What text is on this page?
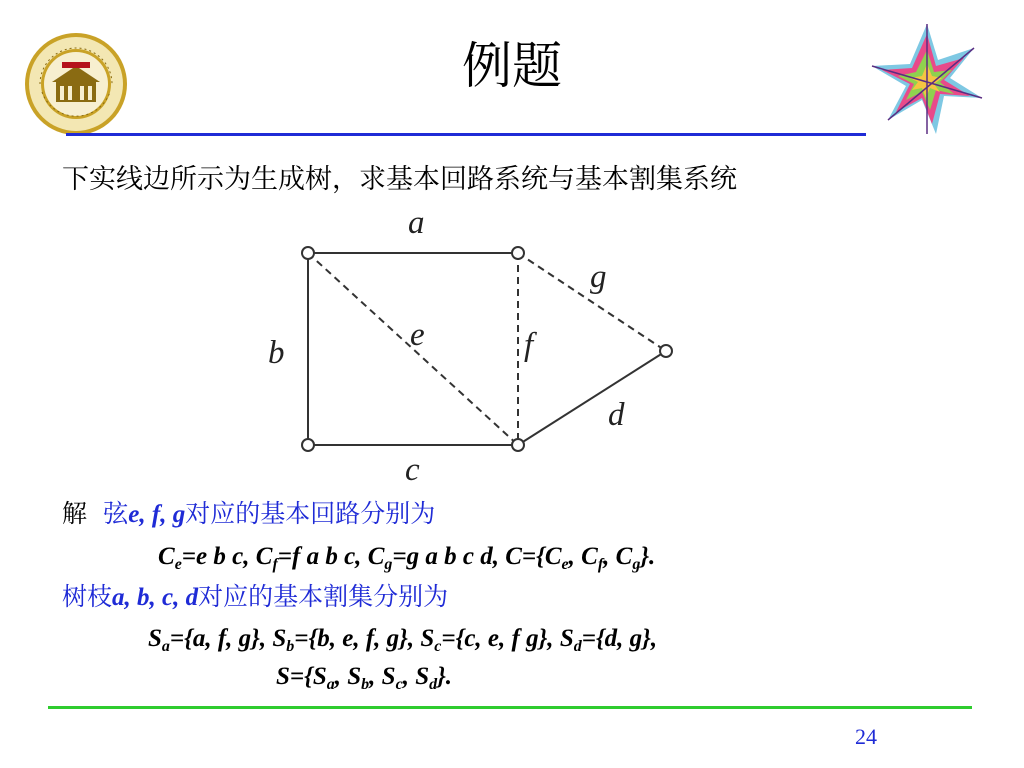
例题
下实线边所示为生成树，求基本回路系统与基本割集系统
a
b
c
d
e	f
g
解 弦e, f, g对应的基本回路分别为
$C_e=e$ b c, $C_f=f$ a b c, $C_g=g$ a b c d, $C=\{C_e$, $C_f$, $C_g$}.
树枝a, b, c, d对应的基本割集分别为
$S_a=\{a$, f, g}, $S_b=\{b$, e, f, g}, $S_c=\{c$, e, f g}, $S_d=\{d$, g},
$S=\{S_a$, $S_b$, $S_c$, $S_d$}.
24
